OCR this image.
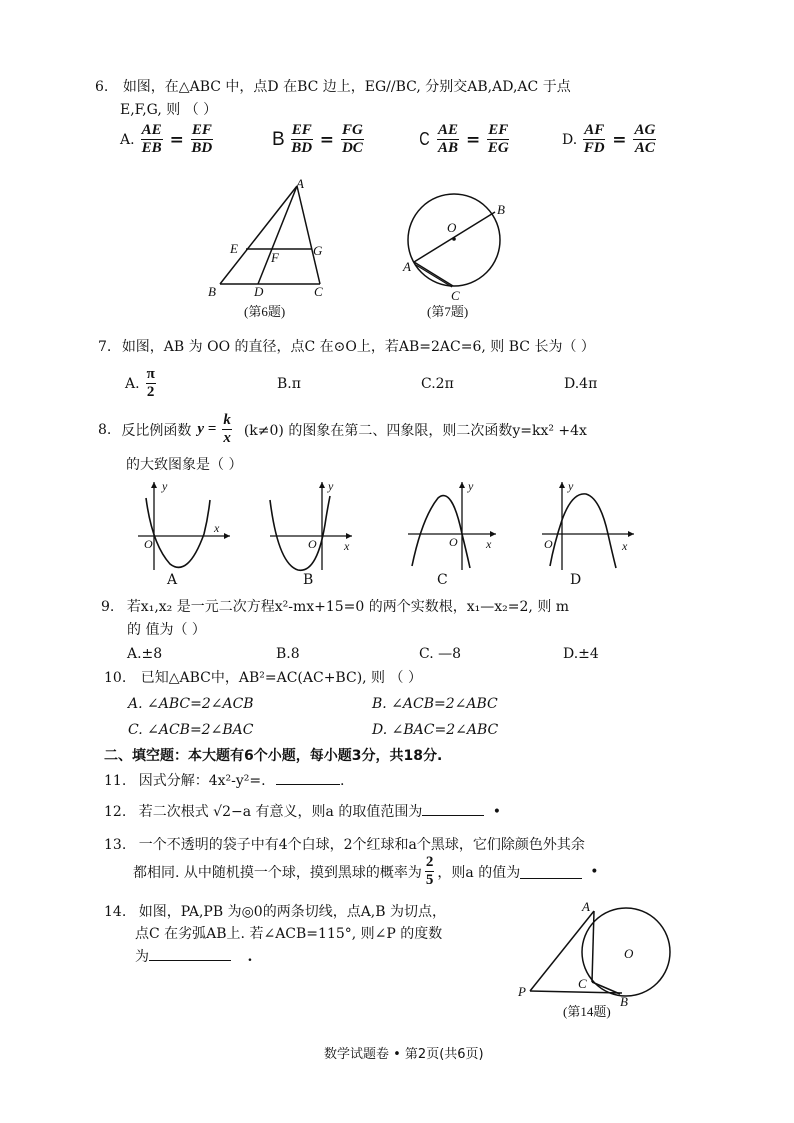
6. 如图，在△ABC 中，点D 在BC 边上，EG//BC, 分别交AB,AD,AC 于点
E,F,G, 则 （ ）
A. $\frac{AE}{EB} = \frac{EF}{BD}$	B $\frac{EF}{BD} = \frac{FG}{DC}$	C $\frac{AE}{AB} = \frac{EF}{EG}$	D. $\frac{AF}{FD} = \frac{AG}{AC}$
A
B	C
D
E
F	G
(第6题)
O
A
B
C
(第7题)
7. 如图，AB 为 OO 的直径，点C 在⊙O上，若AB=2AC=6, 则 BC 长为（ ）
A. $\frac{\pi}{2}$	B.π	C.2π	D.4π
8. 反比例函数 $y = \frac{k}{x} (k\ne 0)$ 的图象在第二、四象限，则二次函数y=kx² +4x
的大致图象是（ ）
y
x
O
y
x
O
y
x
O
y
x
O
A	B	C	D
9. 若x₁,x₂ 是一元二次方程x²-mx+15=0 的两个实数根，x₁—x₂=2, 则 m
的 值为（ ）
A.±8	B.8	C. —8	D.±4
10. 已知△ABC中，AB²=AC(AC+BC), 则 （ ）
A. ∠ABC=2∠ACB	B. ∠ACB=2∠ABC
C. ∠ACB=2∠BAC	D. ∠BAC=2∠ABC
二、填空题：本大题有6个小题，每小题3分，共18分.
11. 因式分解：4x²-y²=.	.
12. 若二次根式 √2−a 有意义，则a 的取值范围为	•
13. 一个不透明的袋子中有4个白球，2个红球和a个黑球，它们除颜色外其余
都相同. 从中随机摸一个球，摸到黑球的概率为 $\frac{2}{5}$ ，则a 的值为	•
14. 如图，PA,PB 为◎0的两条切线，点A,B 为切点，
点C 在劣弧AB上. 若∠ACB=115°, 则∠P 的度数
为	.
A
B
C
P
O
(第14题)
数学试题卷 • 第2页(共6页)
